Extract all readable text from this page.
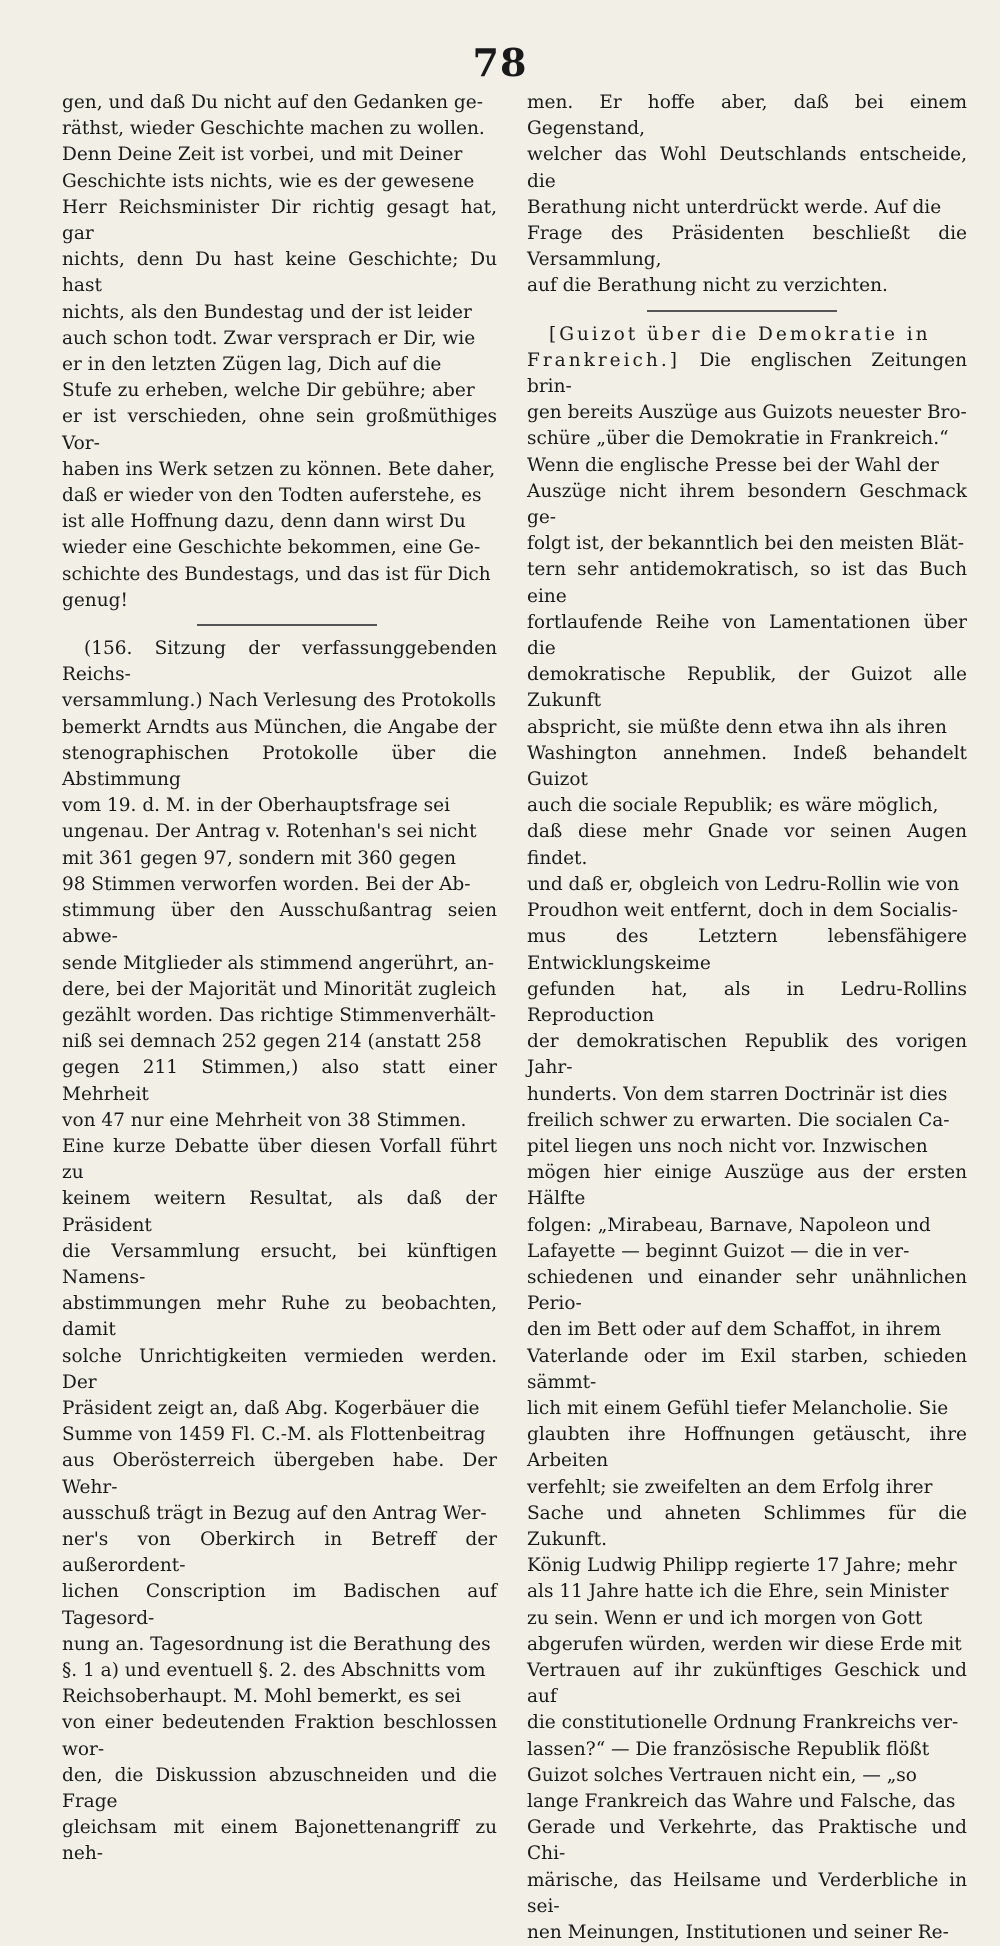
78

gen, und daß Du nicht auf den Gedanken ge-

räthst, wieder Geschichte machen zu wollen.

Denn Deine Zeit ist vorbei, und mit Deiner

Geschichte ists nichts, wie es der gewesene

Herr Reichsminister Dir richtig gesagt hat, gar

nichts, denn Du hast keine Geschichte; Du hast

nichts, als den Bundestag und der ist leider

auch schon todt. Zwar versprach er Dir, wie

er in den letzten Zügen lag, Dich auf die

Stufe zu erheben, welche Dir gebühre; aber

er ist verschieden, ohne sein großmüthiges Vor-

haben ins Werk setzen zu können. Bete daher,

daß er wieder von den Todten auferstehe, es

ist alle Hoffnung dazu, denn dann wirst Du

wieder eine Geschichte bekommen, eine Ge-

schichte des Bundestags, und das ist für Dich

genug!

(156. Sitzung der verfassunggebenden Reichs-

versammlung.) Nach Verlesung des Protokolls

bemerkt Arndts aus München, die Angabe der

stenographischen Protokolle über die Abstimmung

vom 19. d. M. in der Oberhauptsfrage sei

ungenau. Der Antrag v. Rotenhan's sei nicht

mit 361 gegen 97, sondern mit 360 gegen

98 Stimmen verworfen worden. Bei der Ab-

stimmung über den Ausschußantrag seien abwe-

sende Mitglieder als stimmend angerührt, an-

dere, bei der Majorität und Minorität zugleich

gezählt worden. Das richtige Stimmenverhält-

niß sei demnach 252 gegen 214 (anstatt 258

gegen 211 Stimmen,) also statt einer Mehrheit

von 47 nur eine Mehrheit von 38 Stimmen.

Eine kurze Debatte über diesen Vorfall führt zu

keinem weitern Resultat, als daß der Präsident

die Versammlung ersucht, bei künftigen Namens-

abstimmungen mehr Ruhe zu beobachten, damit

solche Unrichtigkeiten vermieden werden. Der

Präsident zeigt an, daß Abg. Kogerbäuer die

Summe von 1459 Fl. C.-M. als Flottenbeitrag

aus Oberösterreich übergeben habe. Der Wehr-

ausschuß trägt in Bezug auf den Antrag Wer-

ner's von Oberkirch in Betreff der außerordent-

lichen Conscription im Badischen auf Tagesord-

nung an. Tagesordnung ist die Berathung des

§. 1 a) und eventuell §. 2. des Abschnitts vom

Reichsoberhaupt. M. Mohl bemerkt, es sei

von einer bedeutenden Fraktion beschlossen wor-

den, die Diskussion abzuschneiden und die Frage

gleichsam mit einem Bajonettenangriff zu neh-

men. Er hoffe aber, daß bei einem Gegenstand,

welcher das Wohl Deutschlands entscheide, die

Berathung nicht unterdrückt werde. Auf die

Frage des Präsidenten beschließt die Versammlung,

auf die Berathung nicht zu verzichten.

[Guizot über die Demokratie in

Frankreich.] Die englischen Zeitungen brin-

gen bereits Auszüge aus Guizots neuester Bro-

schüre „über die Demokratie in Frankreich.“

Wenn die englische Presse bei der Wahl der

Auszüge nicht ihrem besondern Geschmack ge-

folgt ist, der bekanntlich bei den meisten Blät-

tern sehr antidemokratisch, so ist das Buch eine

fortlaufende Reihe von Lamentationen über die

demokratische Republik, der Guizot alle Zukunft

abspricht, sie müßte denn etwa ihn als ihren

Washington annehmen. Indeß behandelt Guizot

auch die sociale Republik; es wäre möglich,

daß diese mehr Gnade vor seinen Augen findet.

und daß er, obgleich von Ledru-Rollin wie von

Proudhon weit entfernt, doch in dem Socialis-

mus des Letztern lebensfähigere Entwicklungskeime

gefunden hat, als in Ledru-Rollins Reproduction

der demokratischen Republik des vorigen Jahr-

hunderts. Von dem starren Doctrinär ist dies

freilich schwer zu erwarten. Die socialen Ca-

pitel liegen uns noch nicht vor. Inzwischen

mögen hier einige Auszüge aus der ersten Hälfte

folgen: „Mirabeau, Barnave, Napoleon und

Lafayette — beginnt Guizot — die in ver-

schiedenen und einander sehr unähnlichen Perio-

den im Bett oder auf dem Schaffot, in ihrem

Vaterlande oder im Exil starben, schieden sämmt-

lich mit einem Gefühl tiefer Melancholie. Sie

glaubten ihre Hoffnungen getäuscht, ihre Arbeiten

verfehlt; sie zweifelten an dem Erfolg ihrer

Sache und ahneten Schlimmes für die Zukunft.

König Ludwig Philipp regierte 17 Jahre; mehr

als 11 Jahre hatte ich die Ehre, sein Minister

zu sein. Wenn er und ich morgen von Gott

abgerufen würden, werden wir diese Erde mit

Vertrauen auf ihr zukünftiges Geschick und auf

die constitutionelle Ordnung Frankreichs ver-

lassen?“ — Die französische Republik flößt

Guizot solches Vertrauen nicht ein, — „so

lange Frankreich das Wahre und Falsche, das

Gerade und Verkehrte, das Praktische und Chi-

märische, das Heilsame und Verderbliche in sei-

nen Meinungen, Institutionen und seiner Re-
